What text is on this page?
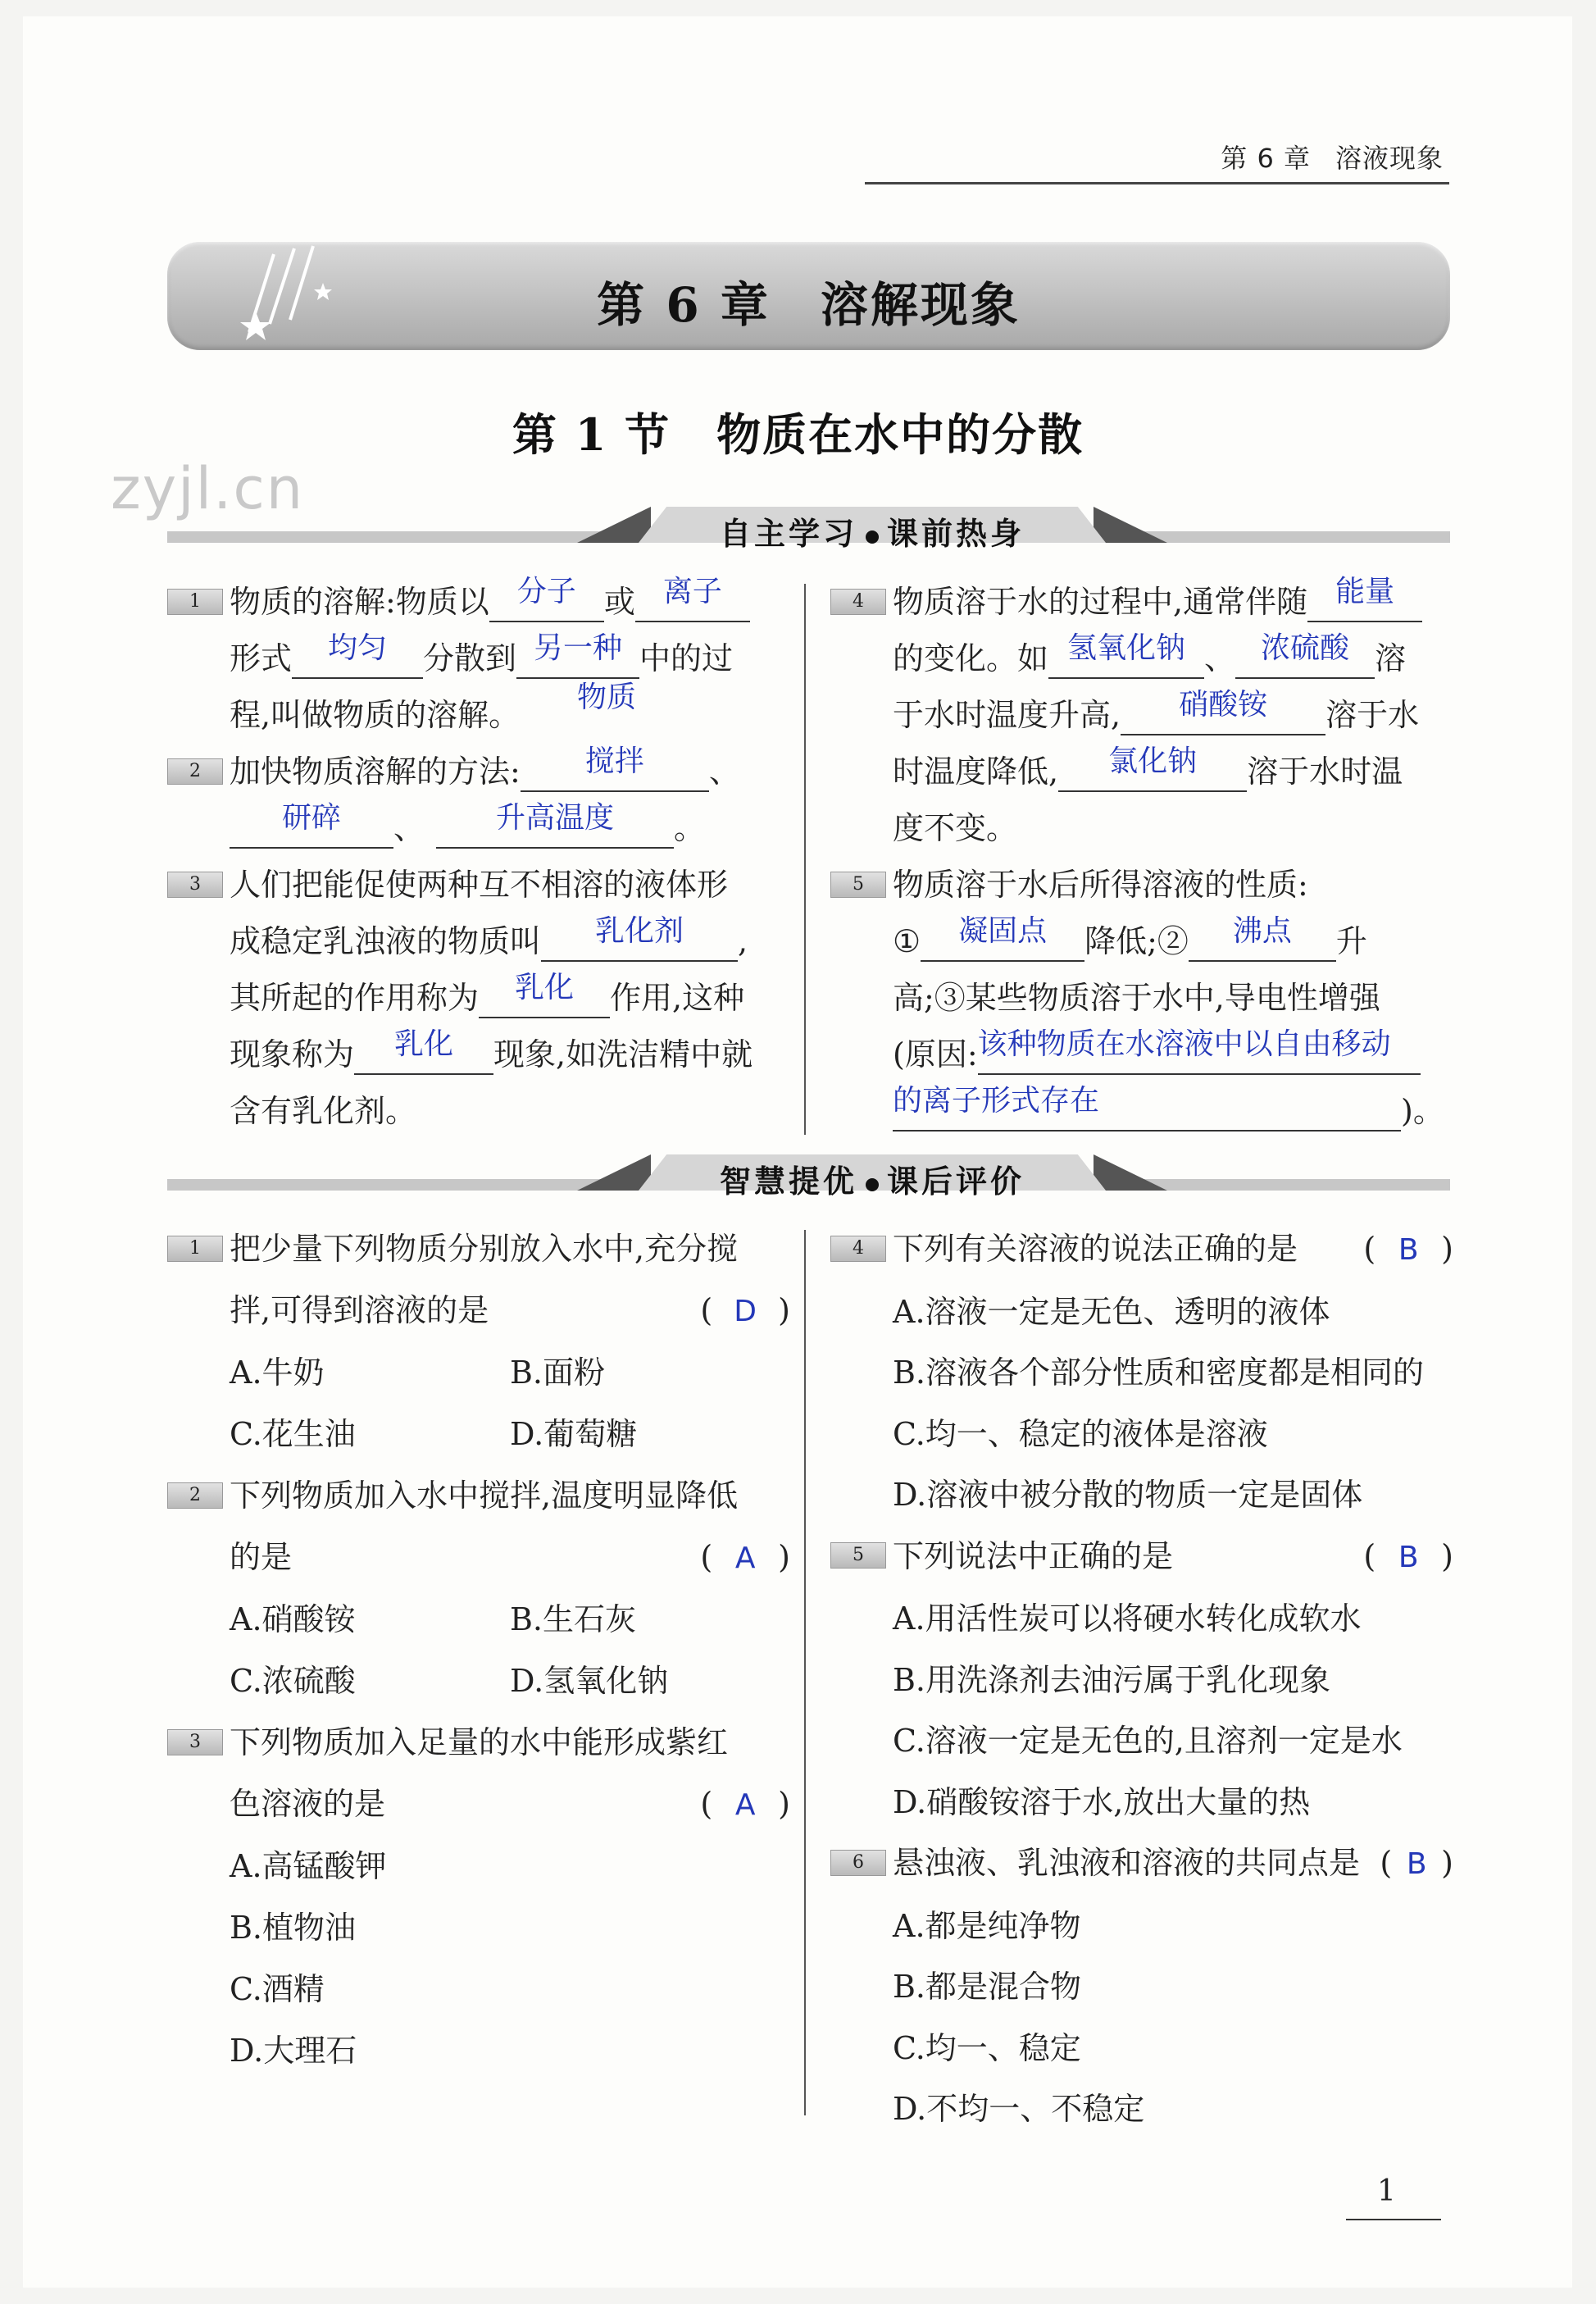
第 6 章 溶液现象
第 6 章　溶解现象
第 1 节　物质在水中的分散
zyjl.cn
自主学习 课前热身

1 物质的溶解:物质以 分子 或 离子

形式 均匀 分散到 另一种 中的过

程,叫做物质的溶解。 物质

2 加快物质溶解的方法: 搅拌 、

研碎 、 升高温度 。

3 人们把能促使两种互不相溶的液体形

成稳定乳浊液的物质叫 乳化剂 ,

其所起的作用称为 乳化 作用,这种

现象称为 乳化 现象,如洗洁精中就

含有乳化剂。

4 物质溶于水的过程中,通常伴随 能量

的变化。如 氢氧化钠 、 浓硫酸 溶

于水时温度升高, 硝酸铵 溶于水

时温度降低, 氯化钠 溶于水时温

度不变。

5 物质溶于水后所得溶液的性质:

① 凝固点 降低;② 沸点 升

高;③某些物质溶于水中,导电性增强

(原因:该种物质在水溶液中以自由移动

的离子形式存在	)。

智慧提优 课后评价

1 把少量下列物质分别放入水中,充分搅

拌,可得到溶液的是	( D )

A.牛奶	B.面粉

C.花生油	D.葡萄糖

2 下列物质加入水中搅拌,温度明显降低

的是	( A )

A.硝酸铵	B.生石灰

C.浓硫酸	D.氢氧化钠

3 下列物质加入足量的水中能形成紫红

色溶液的是	( A )

A.高锰酸钾

B.植物油

C.酒精

D.大理石

4 下列有关溶液的说法正确的是 ( B )

A.溶液一定是无色、透明的液体

B.溶液各个部分性质和密度都是相同的

C.均一、稳定的液体是溶液

D.溶液中被分散的物质一定是固体

5 下列说法中正确的是	( B )

A.用活性炭可以将硬水转化成软水

B.用洗涤剂去油污属于乳化现象

C.溶液一定是无色的,且溶剂一定是水

D.硝酸铵溶于水,放出大量的热

6 悬浊液、乳浊液和溶液的共同点是 ( B )

A.都是纯净物

B.都是混合物

C.均一、稳定

D.不均一、不稳定

1
